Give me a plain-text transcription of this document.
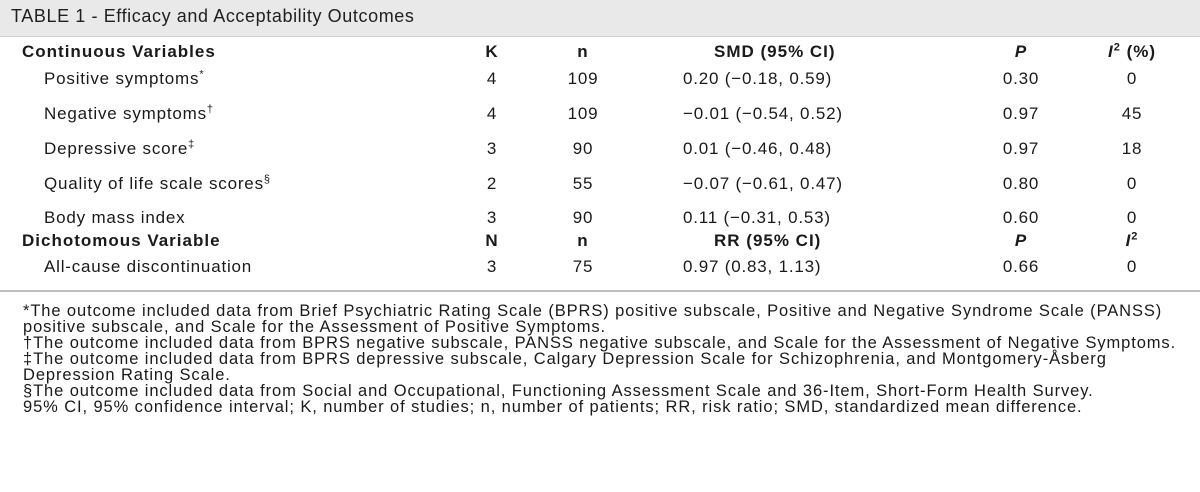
TABLE 1 - Efficacy and Acceptability Outcomes
Continuous Variables	K	n	SMD (95% CI)	P	$I^2$ (%)
Positive symptoms*	4	109	0.20 (−0.18, 0.59)	0.30	0
Negative symptoms†	4	109	−0.01 (−0.54, 0.52)	0.97	45
Depressive score‡	3	90	0.01 (−0.46, 0.48)	0.97	18
Quality of life scale scores§	2	55	−0.07 (−0.61, 0.47)	0.80	0
Body mass index	3	90	0.11 (−0.31, 0.53)	0.60	0
Dichotomous Variable	N	n	RR (95% CI)	P	$I^2$
All-cause discontinuation	3	75	0.97 (0.83, 1.13)	0.66	0
*The outcome included data from Brief Psychiatric Rating Scale (BPRS) positive subscale, Positive and Negative Syndrome Scale (PANSS) positive subscale, and Scale for the Assessment of Positive Symptoms.
†The outcome included data from BPRS negative subscale, PANSS negative subscale, and Scale for the Assessment of Negative Symptoms.
‡The outcome included data from BPRS depressive subscale, Calgary Depression Scale for Schizophrenia, and Montgomery-Åsberg Depression Rating Scale.
§The outcome included data from Social and Occupational, Functioning Assessment Scale and 36-Item, Short-Form Health Survey.
95% CI, 95% confidence interval; K, number of studies; n, number of patients; RR, risk ratio; SMD, standardized mean difference.
